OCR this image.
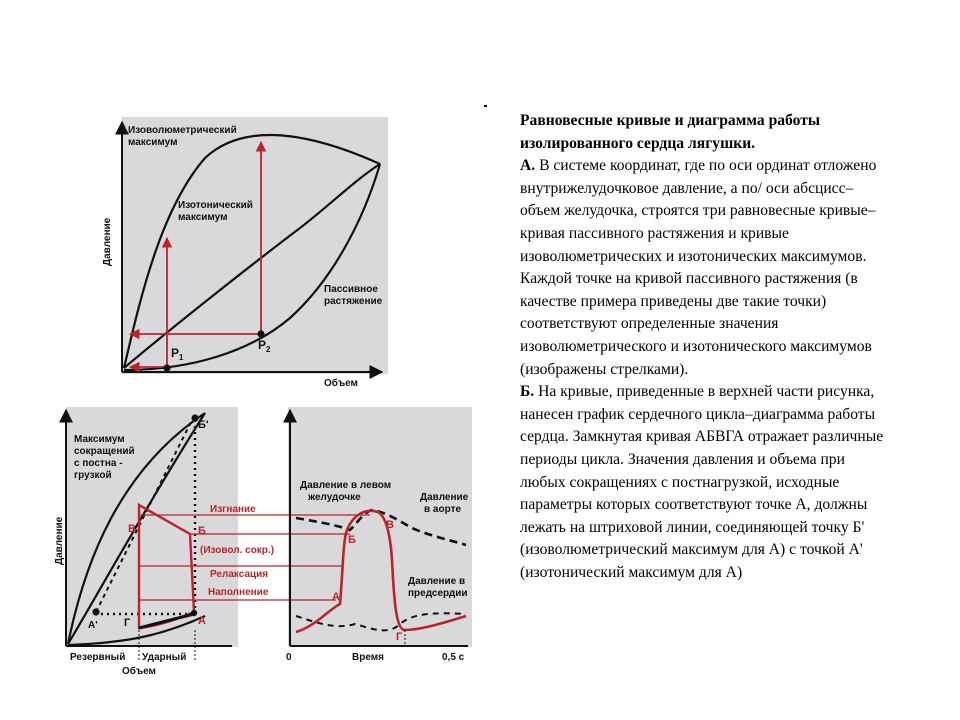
Изоволюметрический
максимум
Изотонический
максимум
Пассивное
растяжение
Давление
Объем
$P_1$
$P_2$
Максимум
сокращений
с постна -
грузкой
Давление
Резервный Ударный
Объем
Б'
А'
В	Б
Г	А
Изгнание
(Изовол. сокр.)
Релаксация
Наполнение
Давление в левом
желудочке	Давление
в аорте
Давление в
предсердии
Б
В
А
Г
0	Время	0,5 с

Равновесные кривые и диаграмма работы изолированного сердца лягушки.

А. В системе координат, где по оси ординат отложено внутрижелудочковое давление, а по/ оси абсцисс–объем желудочка, строятся три равновесные кривые–кривая пассивного растяжения и кривые изоволюметрических и изотонических максимумов. Каждой точке на кривой пассивного растяжения (в качестве примера приведены две такие точки) соответствуют определенные значения изоволюметрического и изотонического максимумов (изображены стрелками).

Б. На кривые, приведенные в верхней части рисунка, нанесен график сердечного цикла–диаграмма работы сердца. Замкнутая кривая АБВГА отражает различные периоды цикла. Значения давления и объема при любых сокращениях с постнагрузкой, исходные параметры которых соответствуют точке А, должны лежать на штриховой линии, соединяющей точку Б' (изоволюметрический максимум для А) с точкой А' (изотонический максимум для А)
